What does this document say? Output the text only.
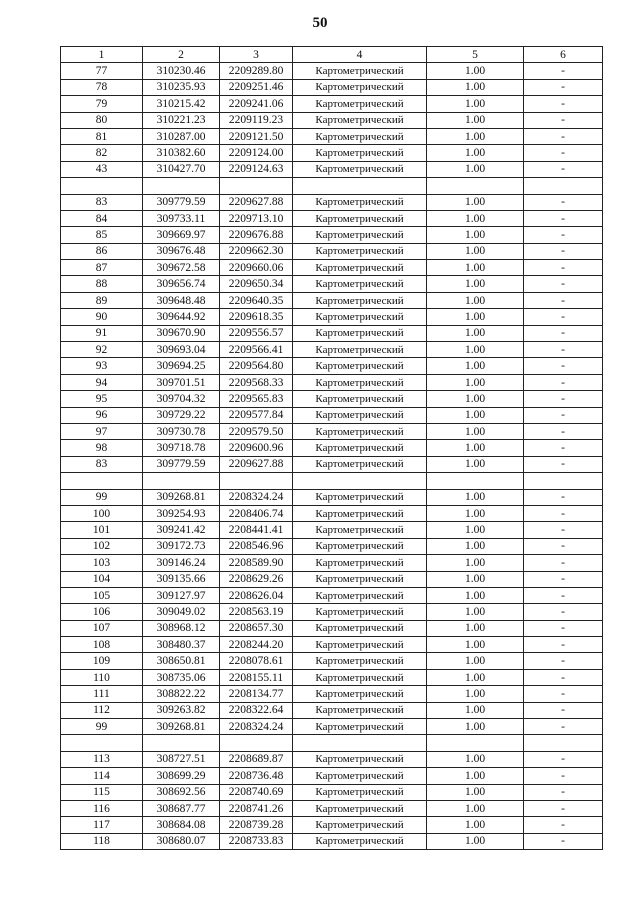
50
1	2	3	4	5	6
77	310230.46	2209289.80	Картометрический	1.00	-
78	310235.93	2209251.46	Картометрический	1.00	-
79	310215.42	2209241.06	Картометрический	1.00	-
80	310221.23	2209119.23	Картометрический	1.00	-
81	310287.00	2209121.50	Картометрический	1.00	-
82	310382.60	2209124.00	Картометрический	1.00	-
43	310427.70	2209124.63	Картометрический	1.00	-

83	309779.59	2209627.88	Картометрический	1.00	-
84	309733.11	2209713.10	Картометрический	1.00	-
85	309669.97	2209676.88	Картометрический	1.00	-
86	309676.48	2209662.30	Картометрический	1.00	-
87	309672.58	2209660.06	Картометрический	1.00	-
88	309656.74	2209650.34	Картометрический	1.00	-
89	309648.48	2209640.35	Картометрический	1.00	-
90	309644.92	2209618.35	Картометрический	1.00	-
91	309670.90	2209556.57	Картометрический	1.00	-
92	309693.04	2209566.41	Картометрический	1.00	-
93	309694.25	2209564.80	Картометрический	1.00	-
94	309701.51	2209568.33	Картометрический	1.00	-
95	309704.32	2209565.83	Картометрический	1.00	-
96	309729.22	2209577.84	Картометрический	1.00	-
97	309730.78	2209579.50	Картометрический	1.00	-
98	309718.78	2209600.96	Картометрический	1.00	-
83	309779.59	2209627.88	Картометрический	1.00	-

99	309268.81	2208324.24	Картометрический	1.00	-
100	309254.93	2208406.74	Картометрический	1.00	-
101	309241.42	2208441.41	Картометрический	1.00	-
102	309172.73	2208546.96	Картометрический	1.00	-
103	309146.24	2208589.90	Картометрический	1.00	-
104	309135.66	2208629.26	Картометрический	1.00	-
105	309127.97	2208626.04	Картометрический	1.00	-
106	309049.02	2208563.19	Картометрический	1.00	-
107	308968.12	2208657.30	Картометрический	1.00	-
108	308480.37	2208244.20	Картометрический	1.00	-
109	308650.81	2208078.61	Картометрический	1.00	-
110	308735.06	2208155.11	Картометрический	1.00	-
111	308822.22	2208134.77	Картометрический	1.00	-
112	309263.82	2208322.64	Картометрический	1.00	-
99	309268.81	2208324.24	Картометрический	1.00	-

113	308727.51	2208689.87	Картометрический	1.00	-
114	308699.29	2208736.48	Картометрический	1.00	-
115	308692.56	2208740.69	Картометрический	1.00	-
116	308687.77	2208741.26	Картометрический	1.00	-
117	308684.08	2208739.28	Картометрический	1.00	-
118	308680.07	2208733.83	Картометрический	1.00	-
